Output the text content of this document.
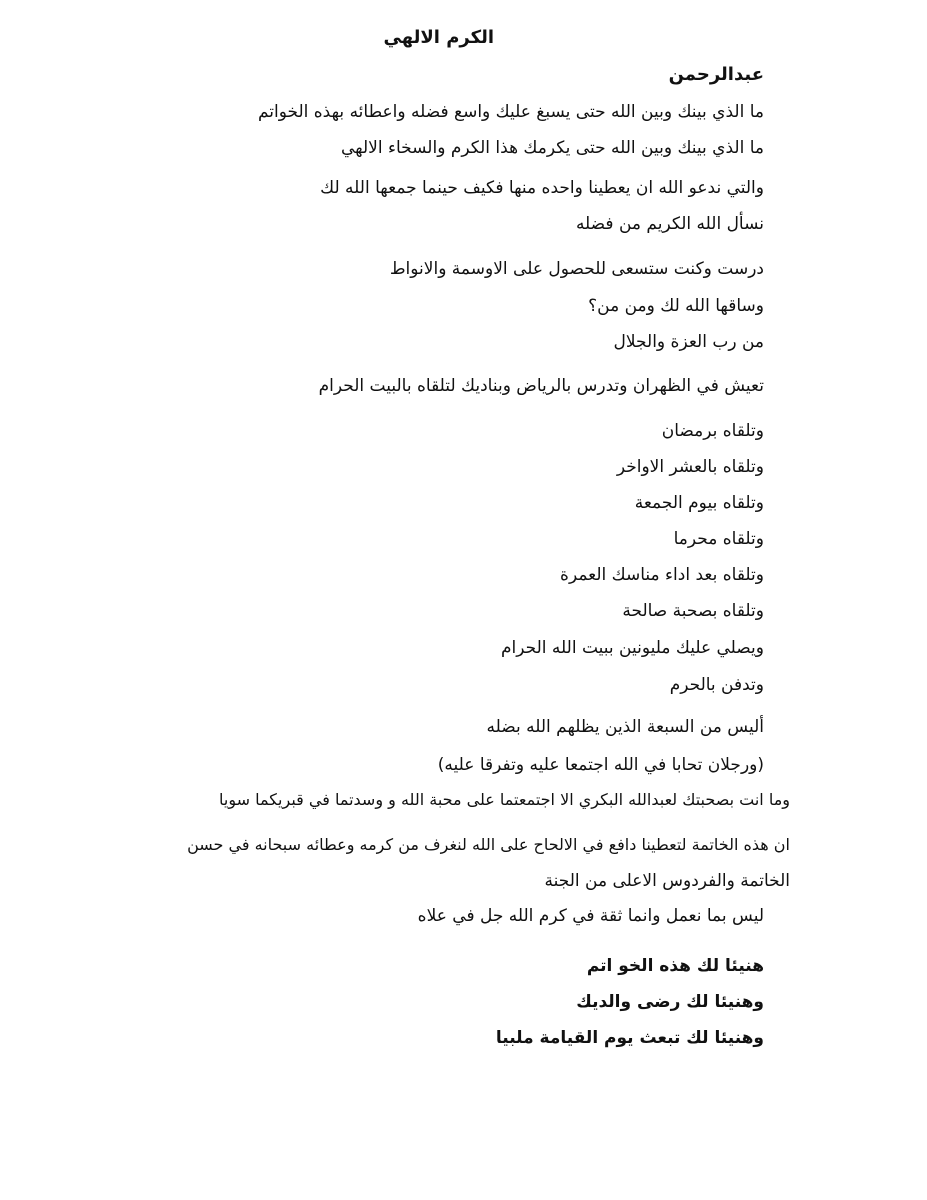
الكرم الالهي
عبدالرحمن
ما الذي بينك وبين الله حتى يسبغ عليك واسع فضله واعطائه بهذه الخواتم
ما الذي بينك وبين الله حتى يكرمك هذا الكرم والسخاء الالهي
والتي ندعو الله ان يعطينا واحده منها فكيف حينما جمعها الله لك
نسأل الله الكريم من فضله
درست وكنت ستسعى للحصول على الاوسمة والانواط
وساقها الله لك ومن من؟
من رب العزة والجلال
تعيش في الظهران وتدرس بالرياض وبناديك لتلقاه بالبيت الحرام
وتلقاه برمضان
وتلقاه بالعشر الاواخر
وتلقاه بيوم الجمعة
وتلقاه محرما
وتلقاه بعد اداء مناسك العمرة
وتلقاه بصحبة صالحة
ويصلي عليك مليونين ببيت الله الحرام
وتدفن بالحرم
أليس من السبعة الذين يظلهم الله بضله
(ورجلان تحابا في الله اجتمعا عليه وتفرقا عليه)
وما انت بصحبتك لعبدالله البكري الا اجتمعتما على محبة الله و وسدتما في قبريكما سويا
ان هذه الخاتمة لتعطينا دافع في الالحاح على الله لنغرف من كرمه وعطائه سبحانه في حسن
الخاتمة والفردوس الاعلى من الجنة
ليس بما نعمل وانما ثقة في كرم الله جل في علاه
هنيئا لك هذه الخو اتم
وهنيئا لك رضى والديك
وهنيئا لك تبعث يوم القيامة ملبيا
